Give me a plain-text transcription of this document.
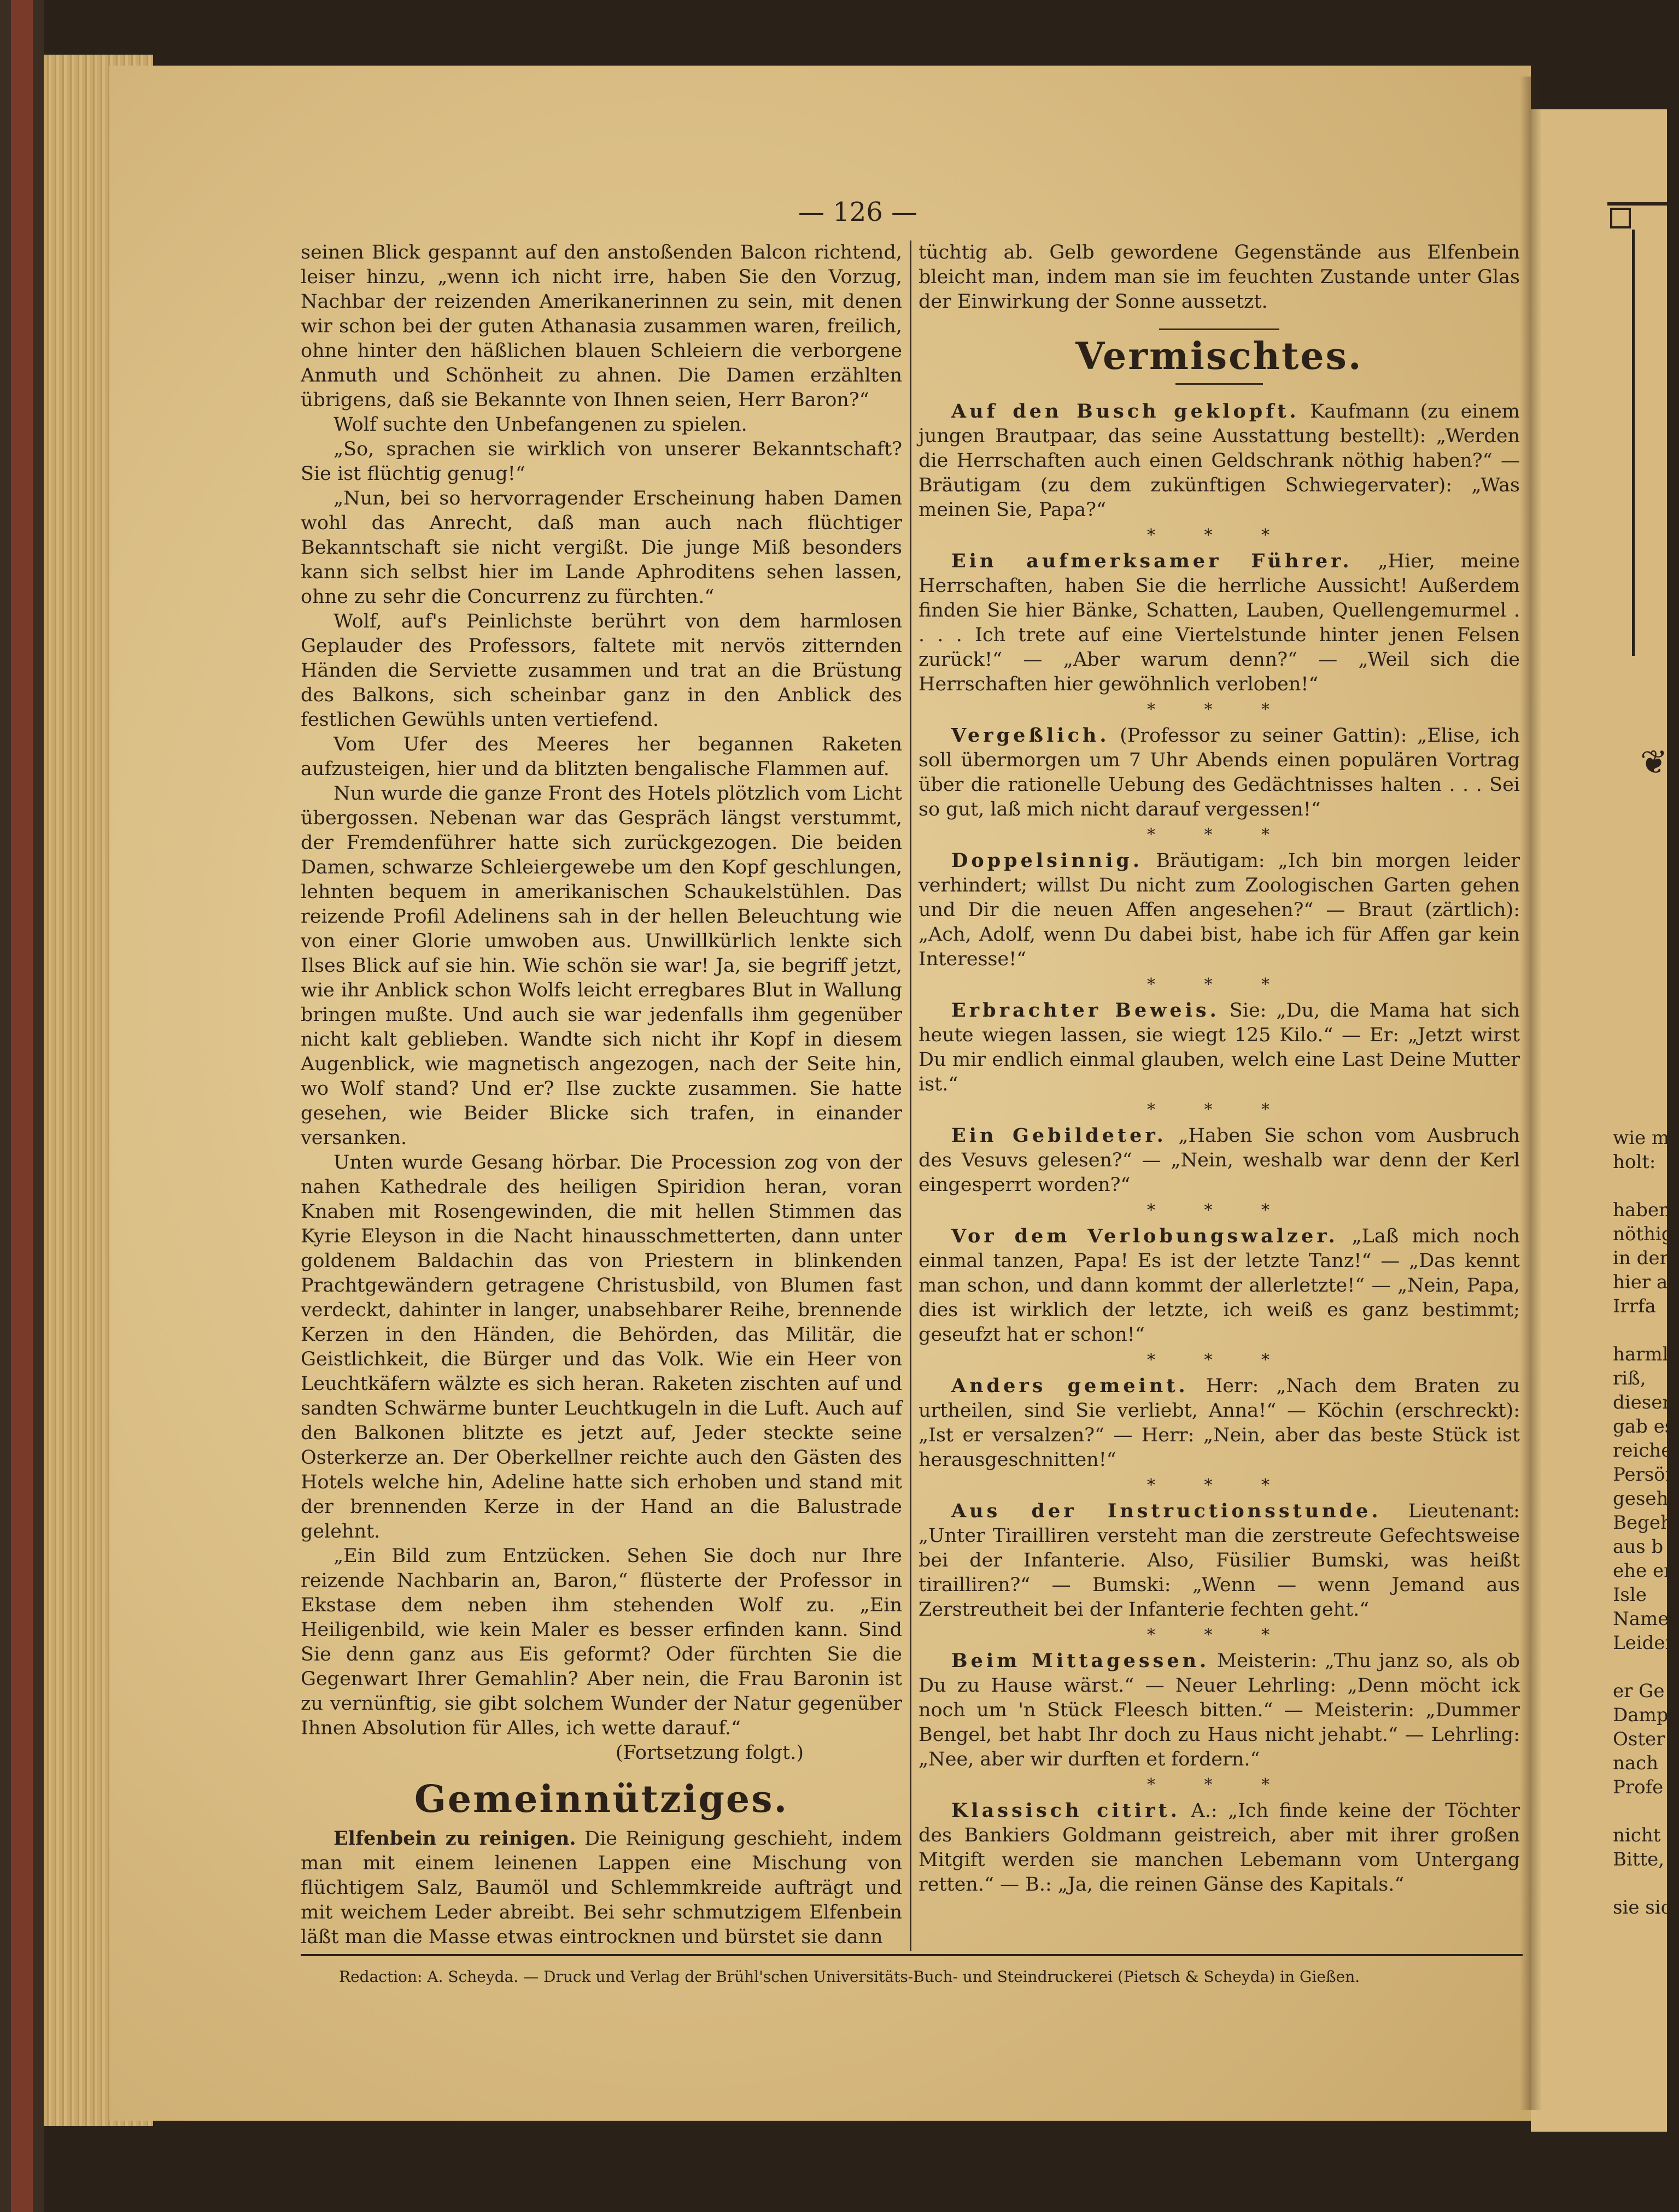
❦
wie m
holt:

haben
nöthig
in der
hier a
Irrfa

harml
riß,
diesen
gab es
reiche
Persön
gesehe
Begeh
aus b
ehe er
Isle
Namer
Leiden

er Ge
Damp
Oster
nach
Profe

nicht
Bitte,

sie sic
— 126 —

seinen Blick gespannt auf den anstoßenden Balcon richtend, leiser hinzu, „wenn ich nicht irre, haben Sie den Vorzug, Nachbar der reizenden Amerikanerinnen zu sein, mit denen wir schon bei der guten Athanasia zusammen waren, freilich, ohne hinter den häßlichen blauen Schleiern die verborgene Anmuth und Schönheit zu ahnen. Die Damen erzählten übrigens, daß sie Bekannte von Ihnen seien, Herr Baron?“

Wolf suchte den Unbefangenen zu spielen.

„So, sprachen sie wirklich von unserer Bekanntschaft? Sie ist flüchtig genug!“

„Nun, bei so hervorragender Erscheinung haben Damen wohl das Anrecht, daß man auch nach flüchtiger Bekanntschaft sie nicht vergißt. Die junge Miß besonders kann sich selbst hier im Lande Aphroditens sehen lassen, ohne zu sehr die Concurrenz zu fürchten.“

Wolf, auf's Peinlichste berührt von dem harmlosen Geplauder des Professors, faltete mit nervös zitternden Händen die Serviette zusammen und trat an die Brüstung des Balkons, sich scheinbar ganz in den Anblick des festlichen Gewühls unten vertiefend.

Vom Ufer des Meeres her begannen Raketen aufzusteigen, hier und da blitzten bengalische Flammen auf.

Nun wurde die ganze Front des Hotels plötzlich vom Licht übergossen. Nebenan war das Gespräch längst verstummt, der Fremdenführer hatte sich zurückgezogen. Die beiden Damen, schwarze Schleiergewebe um den Kopf geschlungen, lehnten bequem in amerikanischen Schaukelstühlen. Das reizende Profil Adelinens sah in der hellen Beleuchtung wie von einer Glorie umwoben aus. Unwillkürlich lenkte sich Ilses Blick auf sie hin. Wie schön sie war! Ja, sie begriff jetzt, wie ihr Anblick schon Wolfs leicht erregbares Blut in Wallung bringen mußte. Und auch sie war jedenfalls ihm gegenüber nicht kalt geblieben. Wandte sich nicht ihr Kopf in diesem Augenblick, wie magnetisch angezogen, nach der Seite hin, wo Wolf stand? Und er? Ilse zuckte zusammen. Sie hatte gesehen, wie Beider Blicke sich trafen, in einander versanken.

Unten wurde Gesang hörbar. Die Procession zog von der nahen Kathedrale des heiligen Spiridion heran, voran Knaben mit Rosengewinden, die mit hellen Stimmen das Kyrie Eleyson in die Nacht hinausschmetterten, dann unter goldenem Baldachin das von Priestern in blinkenden Prachtgewändern getragene Christusbild, von Blumen fast verdeckt, dahinter in langer, unabsehbarer Reihe, brennende Kerzen in den Händen, die Behörden, das Militär, die Geistlichkeit, die Bürger und das Volk. Wie ein Heer von Leuchtkäfern wälzte es sich heran. Raketen zischten auf und sandten Schwärme bunter Leuchtkugeln in die Luft. Auch auf den Balkonen blitzte es jetzt auf, Jeder steckte seine Osterkerze an. Der Oberkellner reichte auch den Gästen des Hotels welche hin, Adeline hatte sich erhoben und stand mit der brennenden Kerze in der Hand an die Balustrade gelehnt.

„Ein Bild zum Entzücken. Sehen Sie doch nur Ihre reizende Nachbarin an, Baron,“ flüsterte der Professor in Ekstase dem neben ihm stehenden Wolf zu. „Ein Heiligenbild, wie kein Maler es besser erfinden kann. Sind Sie denn ganz aus Eis geformt? Oder fürchten Sie die Gegenwart Ihrer Gemahlin? Aber nein, die Frau Baronin ist zu vernünftig, sie gibt solchem Wunder der Natur gegenüber Ihnen Absolution für Alles, ich wette darauf.“

(Fortsetzung folgt.)

Gemeinnütziges.

Elfenbein zu reinigen. Die Reinigung geschieht, indem man mit einem leinenen Lappen eine Mischung von flüchtigem Salz, Baumöl und Schlemmkreide aufträgt und mit weichem Leder abreibt. Bei sehr schmutzigem Elfenbein läßt man die Masse etwas eintrocknen und bürstet sie dann

tüchtig ab. Gelb gewordene Gegenstände aus Elfenbein bleicht man, indem man sie im feuchten Zustande unter Glas der Einwirkung der Sonne aussetzt.

Vermischtes.

Auf den Busch geklopft. Kaufmann (zu einem jungen Brautpaar, das seine Ausstattung bestellt): „Werden die Herrschaften auch einen Geldschrank nöthig haben?“ — Bräutigam (zu dem zukünftigen Schwiegervater): „Was meinen Sie, Papa?“

* * *

Ein aufmerksamer Führer. „Hier, meine Herrschaften, haben Sie die herrliche Aussicht! Außerdem finden Sie hier Bänke, Schatten, Lauben, Quellengemurmel . . . . Ich trete auf eine Viertelstunde hinter jenen Felsen zurück!“ — „Aber warum denn?“ — „Weil sich die Herrschaften hier gewöhnlich verloben!“

* * *

Vergeßlich. (Professor zu seiner Gattin): „Elise, ich soll übermorgen um 7 Uhr Abends einen populären Vortrag über die rationelle Uebung des Gedächtnisses halten . . . Sei so gut, laß mich nicht darauf vergessen!“

* * *

Doppelsinnig. Bräutigam: „Ich bin morgen leider verhindert; willst Du nicht zum Zoologischen Garten gehen und Dir die neuen Affen angesehen?“ — Braut (zärtlich): „Ach, Adolf, wenn Du dabei bist, habe ich für Affen gar kein Interesse!“

* * *

Erbrachter Beweis. Sie: „Du, die Mama hat sich heute wiegen lassen, sie wiegt 125 Kilo.“ — Er: „Jetzt wirst Du mir endlich einmal glauben, welch eine Last Deine Mutter ist.“

* * *

Ein Gebildeter. „Haben Sie schon vom Ausbruch des Vesuvs gelesen?“ — „Nein, weshalb war denn der Kerl eingesperrt worden?“

* * *

Vor dem Verlobungswalzer. „Laß mich noch einmal tanzen, Papa! Es ist der letzte Tanz!“ — „Das kennt man schon, und dann kommt der allerletzte!“ — „Nein, Papa, dies ist wirklich der letzte, ich weiß es ganz bestimmt; geseufzt hat er schon!“

* * *

Anders gemeint. Herr: „Nach dem Braten zu urtheilen, sind Sie verliebt, Anna!“ — Köchin (erschreckt): „Ist er versalzen?“ — Herr: „Nein, aber das beste Stück ist herausgeschnitten!“

* * *

Aus der Instructionsstunde. Lieutenant: „Unter Tirailliren versteht man die zerstreute Gefechtsweise bei der Infanterie. Also, Füsilier Bumski, was heißt tirailliren?“ — Bumski: „Wenn — wenn Jemand aus Zerstreutheit bei der Infanterie fechten geht.“

* * *

Beim Mittagessen. Meisterin: „Thu janz so, als ob Du zu Hause wärst.“ — Neuer Lehrling: „Denn möcht ick noch um 'n Stück Fleesch bitten.“ — Meisterin: „Dummer Bengel, bet habt Ihr doch zu Haus nicht jehabt.“ — Lehrling: „Nee, aber wir durften et fordern.“

* * *

Klassisch citirt. A.: „Ich finde keine der Töchter des Bankiers Goldmann geistreich, aber mit ihrer großen Mitgift werden sie manchen Lebemann vom Untergang retten.“ — B.: „Ja, die reinen Gänse des Kapitals.“

Redaction: A. Scheyda. — Druck und Verlag der Brühl'schen Universitäts-Buch- und Steindruckerei (Pietsch & Scheyda) in Gießen.
